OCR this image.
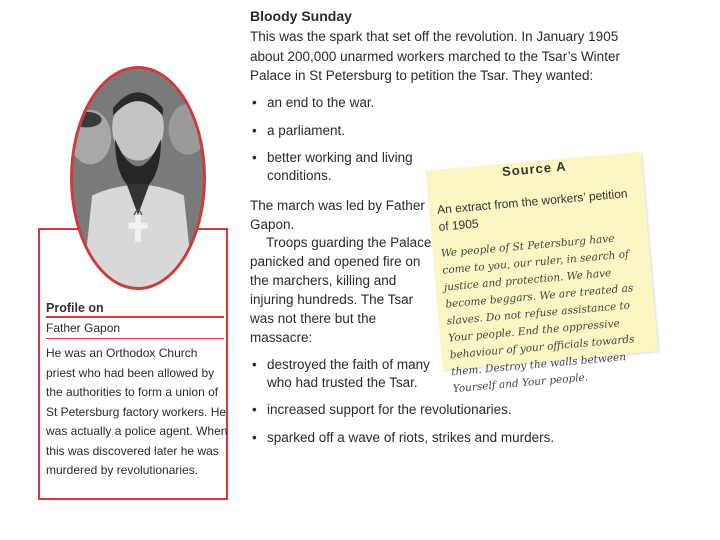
Profile on
Father Gapon
He was an Orthodox Church priest who had been allowed by the authorities to form a union of St Petersburg factory workers. He was actually a police agent. When this was discovered later he was murdered by revolutionaries.
Bloody Sunday
This was the spark that set off the revolution. In January 1905 about 200,000 unarmed workers marched to the Tsar’s Winter Palace in St Petersburg to petition the Tsar. They wanted:
• an end to the war.
• a parliament.
• better working and living conditions.
The march was led by Father Gapon.
Troops guarding the Palace panicked and opened fire on the marchers, killing and injuring hundreds. The Tsar was not there but the massacre:
• destroyed the faith of many who had trusted the Tsar.
• increased support for the revolutionaries.
• sparked off a wave of riots, strikes and murders.
Source A
An extract from the workers’ petition of 1905
We people of St Petersburg have come to you, our ruler, in search of justice and protection. We have become beggars. We are treated as slaves. Do not refuse assistance to Your people. End the oppressive behaviour of your officials towards them. Destroy the walls between Yourself and Your people.
